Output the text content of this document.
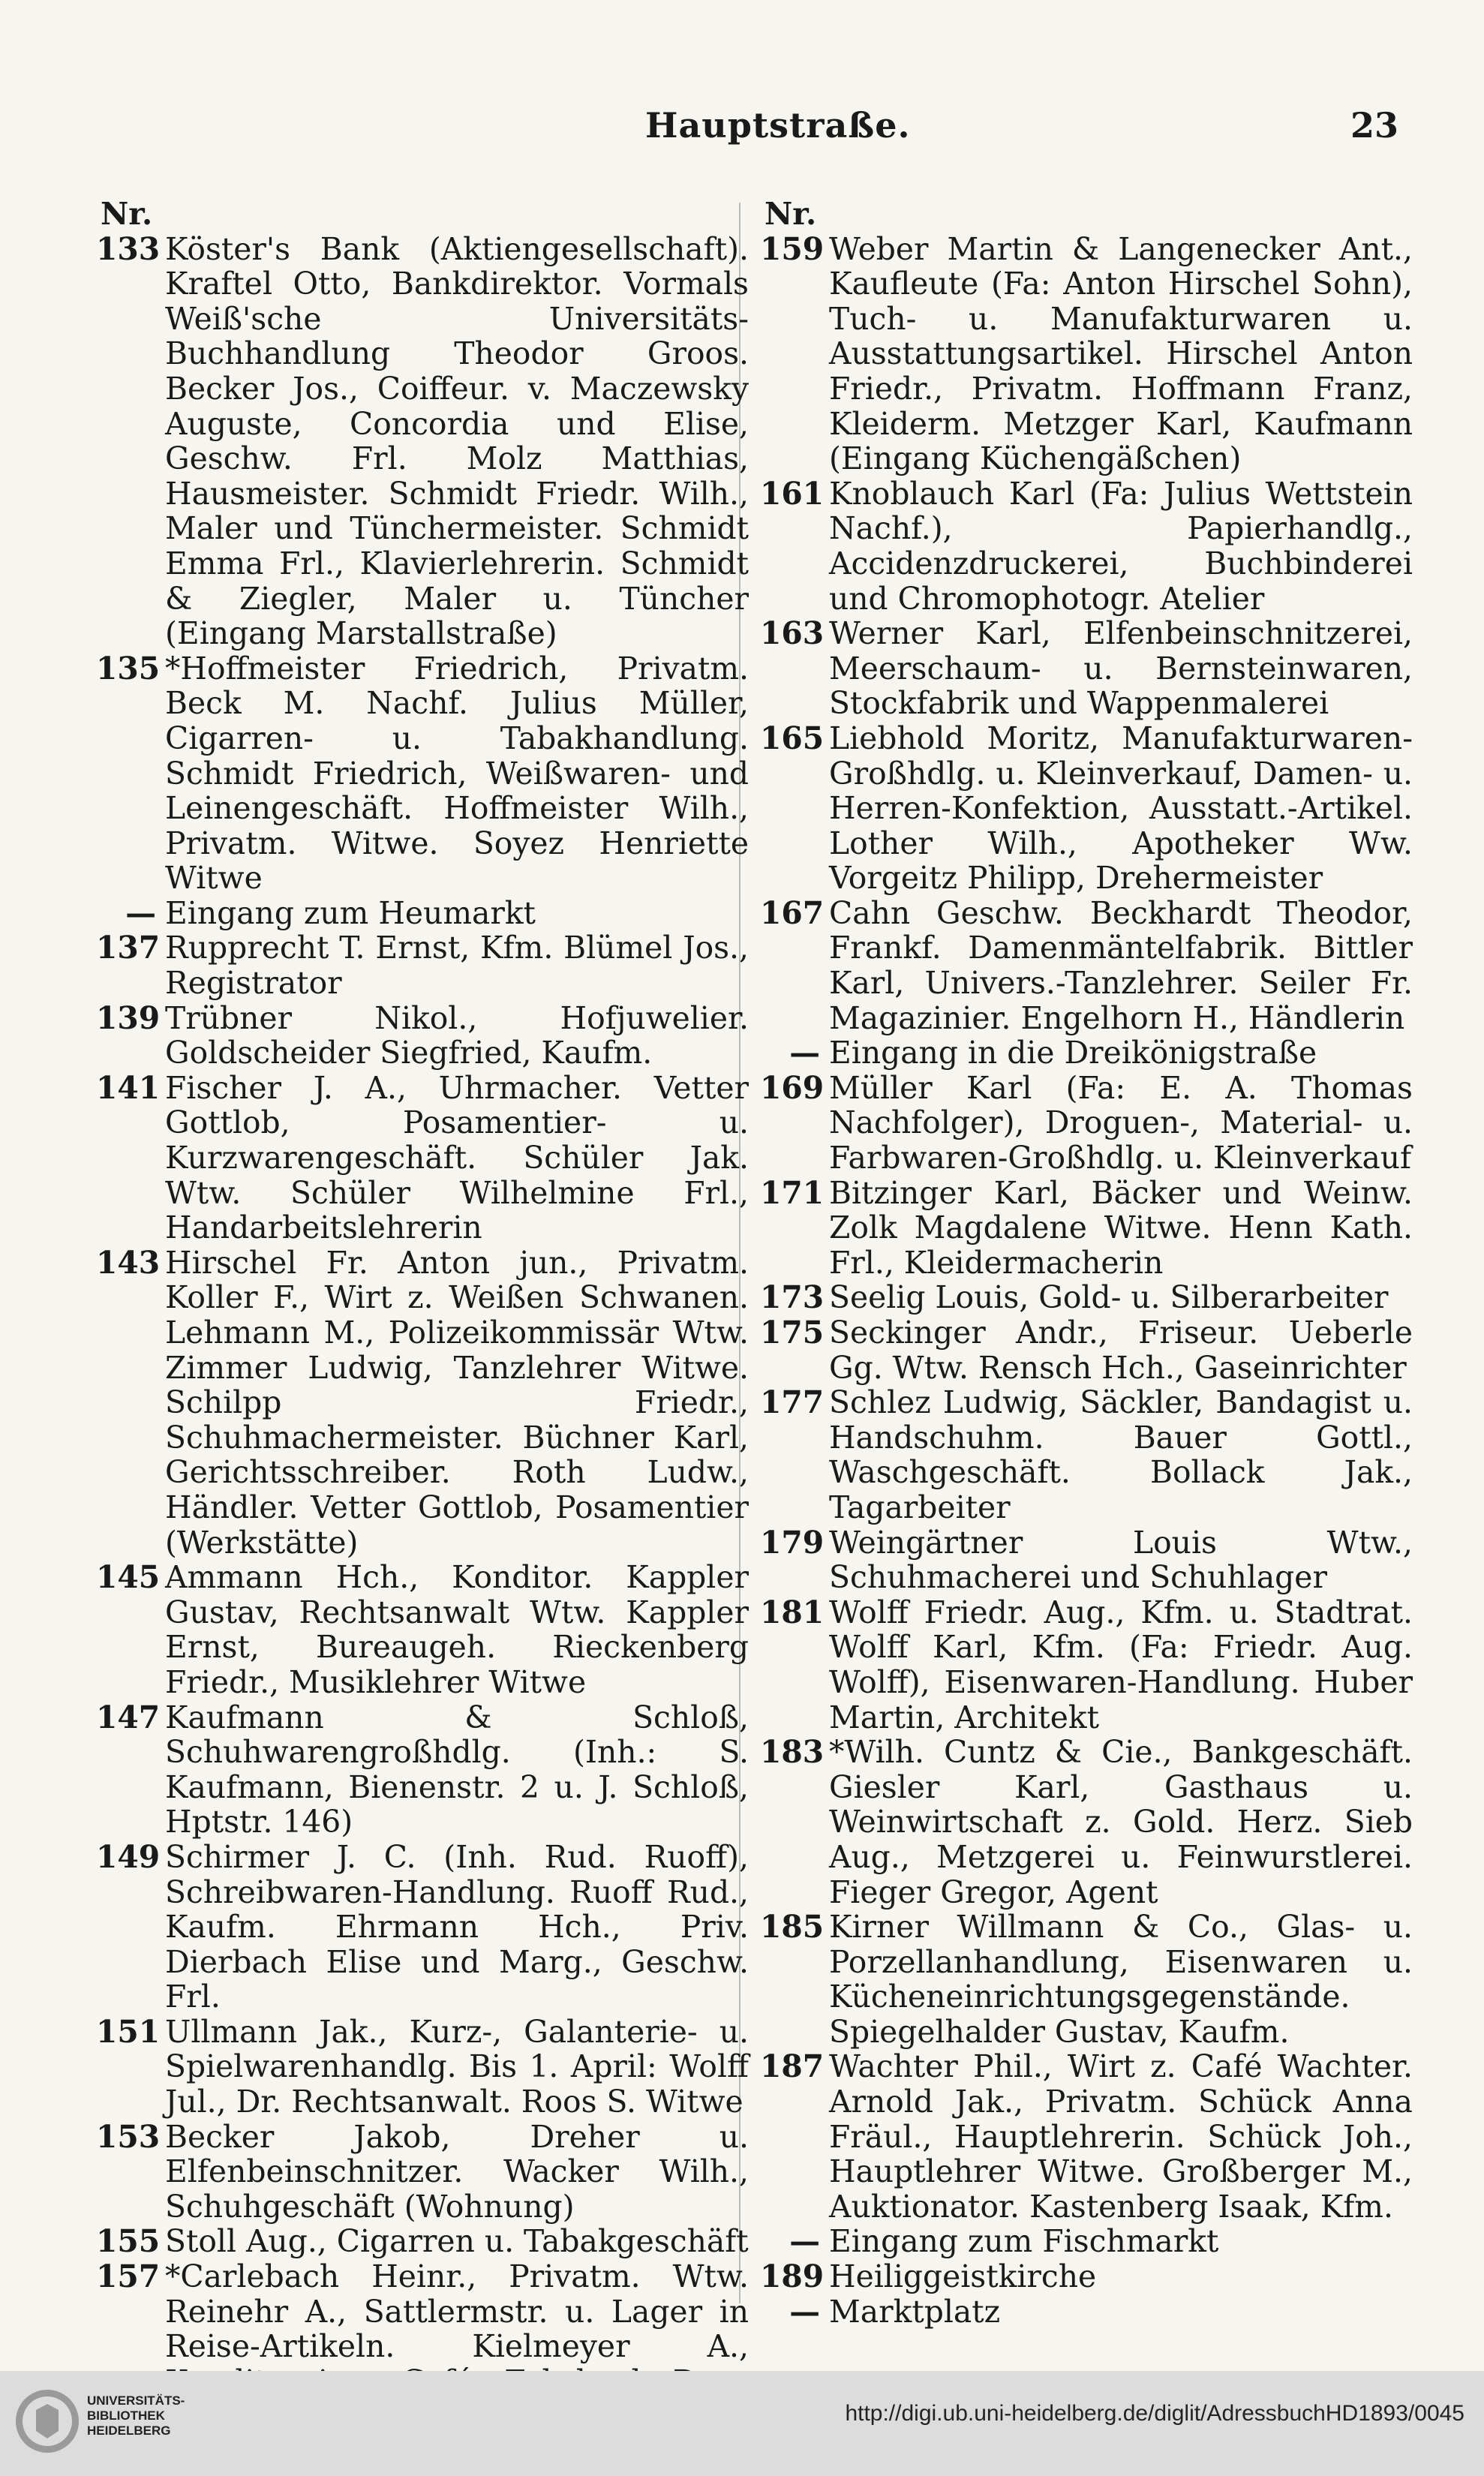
Hauptstraße.	23
Nr.
133 Köster's Bank (Aktiengesellschaft). Kraftel Otto, Bankdirektor. Vormals Weiß'sche Universitäts-Buchhandlung Theodor Groos. Becker Jos., Coiffeur. v. Maczewsky Auguste, Concordia und Elise, Geschw. Frl. Molz Matthias, Hausmeister. Schmidt Friedr. Wilh., Maler und Tünchermeister. Schmidt Emma Frl., Klavierlehrerin. Schmidt & Ziegler, Maler u. Tüncher (Eingang Marstallstraße)
135 *Hoffmeister Friedrich, Privatm. Beck M. Nachf. Julius Müller, Cigarren- u. Tabakhandlung. Schmidt Friedrich, Weißwaren- und Leinengeschäft. Hoffmeister Wilh., Privatm. Witwe. Soyez Henriette Witwe
— Eingang zum Heumarkt
137 Rupprecht T. Ernst, Kfm. Blümel Jos., Registrator
139 Trübner Nikol., Hofjuwelier. Goldscheider Siegfried, Kaufm.
141 Fischer J. A., Uhrmacher. Vetter Gottlob, Posamentier- u. Kurzwarengeschäft. Schüler Jak. Wtw. Schüler Wilhelmine Frl., Handarbeitslehrerin
143 Hirschel Fr. Anton jun., Privatm. Koller F., Wirt z. Weißen Schwanen. Lehmann M., Polizeikommissär Wtw. Zimmer Ludwig, Tanzlehrer Witwe. Schilpp Friedr., Schuhmachermeister. Büchner Karl, Gerichtsschreiber. Roth Ludw., Händler. Vetter Gottlob, Posamentier (Werkstätte)
145 Ammann Hch., Konditor. Kappler Gustav, Rechtsanwalt Wtw. Kappler Ernst, Bureaugeh. Rieckenberg Friedr., Musiklehrer Witwe
147 Kaufmann & Schloß, Schuhwarengroßhdlg. (Inh.: S. Kaufmann, Bienenstr. 2 u. J. Schloß, Hptstr. 146)
149 Schirmer J. C. (Inh. Rud. Ruoff), Schreibwaren-Handlung. Ruoff Rud., Kaufm. Ehrmann Hch., Priv. Dierbach Elise und Marg., Geschw. Frl.
151 Ullmann Jak., Kurz-, Galanterie- u. Spielwarenhandlg. Bis 1. April: Wolff Jul., Dr. Rechtsanwalt. Roos S. Witwe
153 Becker Jakob, Dreher u. Elfenbeinschnitzer. Wacker Wilh., Schuhgeschäft (Wohnung)
155 Stoll Aug., Cigarren u. Tabakgeschäft
157 *Carlebach Heinr., Privatm. Wtw. Reinehr A., Sattlermstr. u. Lager in Reise-Artikeln. Kielmeyer A.,
Nr.
159 Weber Martin & Langenecker Ant., Kaufleute (Fa: Anton Hirschel Sohn), Tuch- u. Manufakturwaren u. Ausstattungsartikel. Hirschel Anton Friedr., Privatm. Hoffmann Franz, Kleiderm. Metzger Karl, Kaufmann (Eingang Küchengäßchen)
161 Knoblauch Karl (Fa: Julius Wettstein Nachf.), Papierhandlg., Accidenzdruckerei, Buchbinderei und Chromophotogr. Atelier
163 Werner Karl, Elfenbeinschnitzerei, Meerschaum- u. Bernsteinwaren, Stockfabrik und Wappenmalerei
165 Liebhold Moritz, Manufakturwaren-Großhdlg. u. Kleinverkauf, Damen- u. Herren-Konfektion, Ausstatt.-Artikel. Lother Wilh., Apotheker Ww. Vorgeitz Philipp, Drehermeister
167 Cahn Geschw. Beckhardt Theodor, Frankf. Damenmäntelfabrik. Bittler Karl, Univers.-Tanzlehrer. Seiler Fr. Magazinier. Engelhorn H., Händlerin
— Eingang in die Dreikönigstraße
169 Müller Karl (Fa: E. A. Thomas Nachfolger), Droguen-, Material- u. Farbwaren-Großhdlg. u. Kleinverkauf
171 Bitzinger Karl, Bäcker und Weinw. Zolk Magdalene Witwe. Henn Kath. Frl., Kleidermacherin
173 Seelig Louis, Gold- u. Silberarbeiter
175 Seckinger Andr., Friseur. Ueberle Gg. Wtw. Rensch Hch., Gaseinrichter
177 Schlez Ludwig, Säckler, Bandagist u. Handschuhm. Bauer Gottl., Waschgeschäft. Bollack Jak., Tagarbeiter
179 Weingärtner Louis Wtw., Schuhmacherei und Schuhlager
181 Wolff Friedr. Aug., Kfm. u. Stadtrat. Wolff Karl, Kfm. (Fa: Friedr. Aug. Wolff), Eisenwaren-Handlung. Huber Martin, Architekt
183 *Wilh. Cuntz & Cie., Bankgeschäft. Giesler Karl, Gasthaus u. Weinwirtschaft z. Gold. Herz. Sieb Aug., Metzgerei u. Feinwurstlerei. Fieger Gregor, Agent
185 Kirner Willmann & Co., Glas- u. Porzellanhandlung, Eisenwaren u. Kücheneinrichtungsgegenstände. Spiegelhalder Gustav, Kaufm.
187 Wachter Phil., Wirt z. Café Wachter. Arnold Jak., Privatm. Schück Anna Fräul., Hauptlehrerin. Schück Joh., Hauptlehrer Witwe. Großberger M., Auktionator. Kastenberg Isaak, Kfm.
— Eingang zum Fischmarkt
189 Heiliggeistkirche
— Marktplatz
UNIVERSITÄTS-
BIBLIOTHEK
HEIDELBERG
http://digi.ub.uni-heidelberg.de/diglit/AdressbuchHD1893/0045
